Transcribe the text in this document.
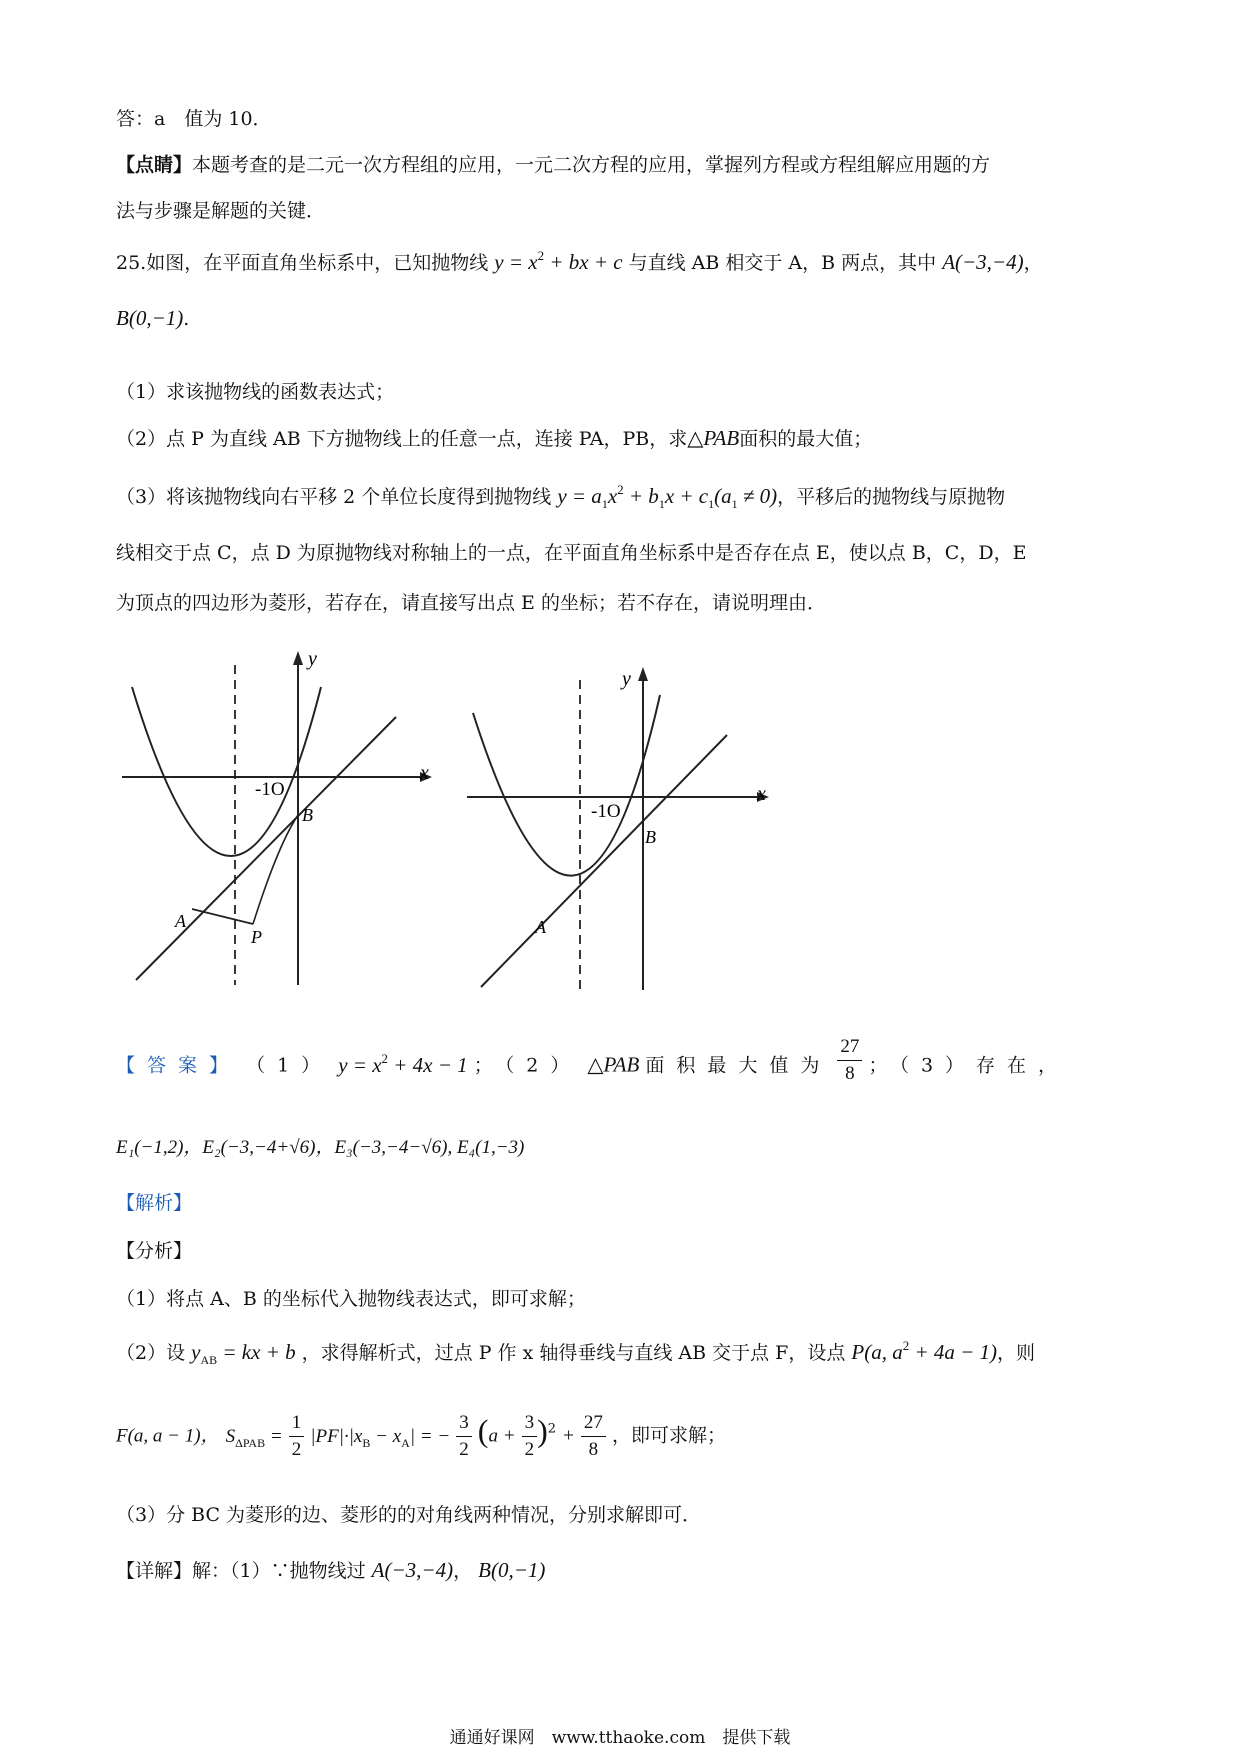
答：a　值为 10．
【点睛】本题考查的是二元一次方程组的应用，一元二次方程的应用，掌握列方程或方程组解应用题的方
法与步骤是解题的关键．
25.如图，在平面直角坐标系中，已知抛物线 $y = x^2$ + bx + c 与直线 AB 相交于 A，B 两点，其中 A(−3,−4)，
B(0,−1).
（1）求该抛物线的函数表达式；
（2）点 P 为直线 AB 下方抛物线上的任意一点，连接 PA，PB，求△PAB面积的最大值；
（3）将该抛物线向右平移 2 个单位长度得到抛物线 $y = a_1x^2 + b_1x + c_1(a_1 \ne 0)$，平移后的抛物线与原抛物
线相交于点 C，点 D 为原抛物线对称轴上的一点，在平面直角坐标系中是否存在点 E，使以点 B，C，D，E
为顶点的四边形为菱形，若存在，请直接写出点 E 的坐标；若不存在，请说明理由．
y
x
-1O
B
A
P
y
x
-1O
B
A
【答案】 （1） $y = x^2 + 4x - 1$ ；（2） △PAB 面积最大值为 $\frac{27}{8}$ ；（3）存在，
E₁(−1,2)，E₂(−3,−4+√6)，E₃(−3,−4−√6), E₄(1,−3)
【解析】
【分析】
（1）将点 A、B 的坐标代入抛物线表达式，即可求解；
（2）设 $y_{AB}$ = kx + b ，求得解析式，过点 P 作 x 轴得垂线与直线 AB 交于点 F，设点 P(a, $a^2 + 4a - 1$)，则
F(a, a − 1)， $S_{\Delta PAB} = \frac{1}{2} |PF|\cdot|x_B - x_A|$ = − $\frac{3}{2} (a + \frac{3}{2} )^2 + \frac{27}{8}$ ，即可求解；
（3）分 BC 为菱形的边、菱形的的对角线两种情况，分别求解即可．
【详解】解：（1）∵抛物线过 A(−3,−4)， B(0,−1)
通通好课网　www.tthaoke.com　提供下载
